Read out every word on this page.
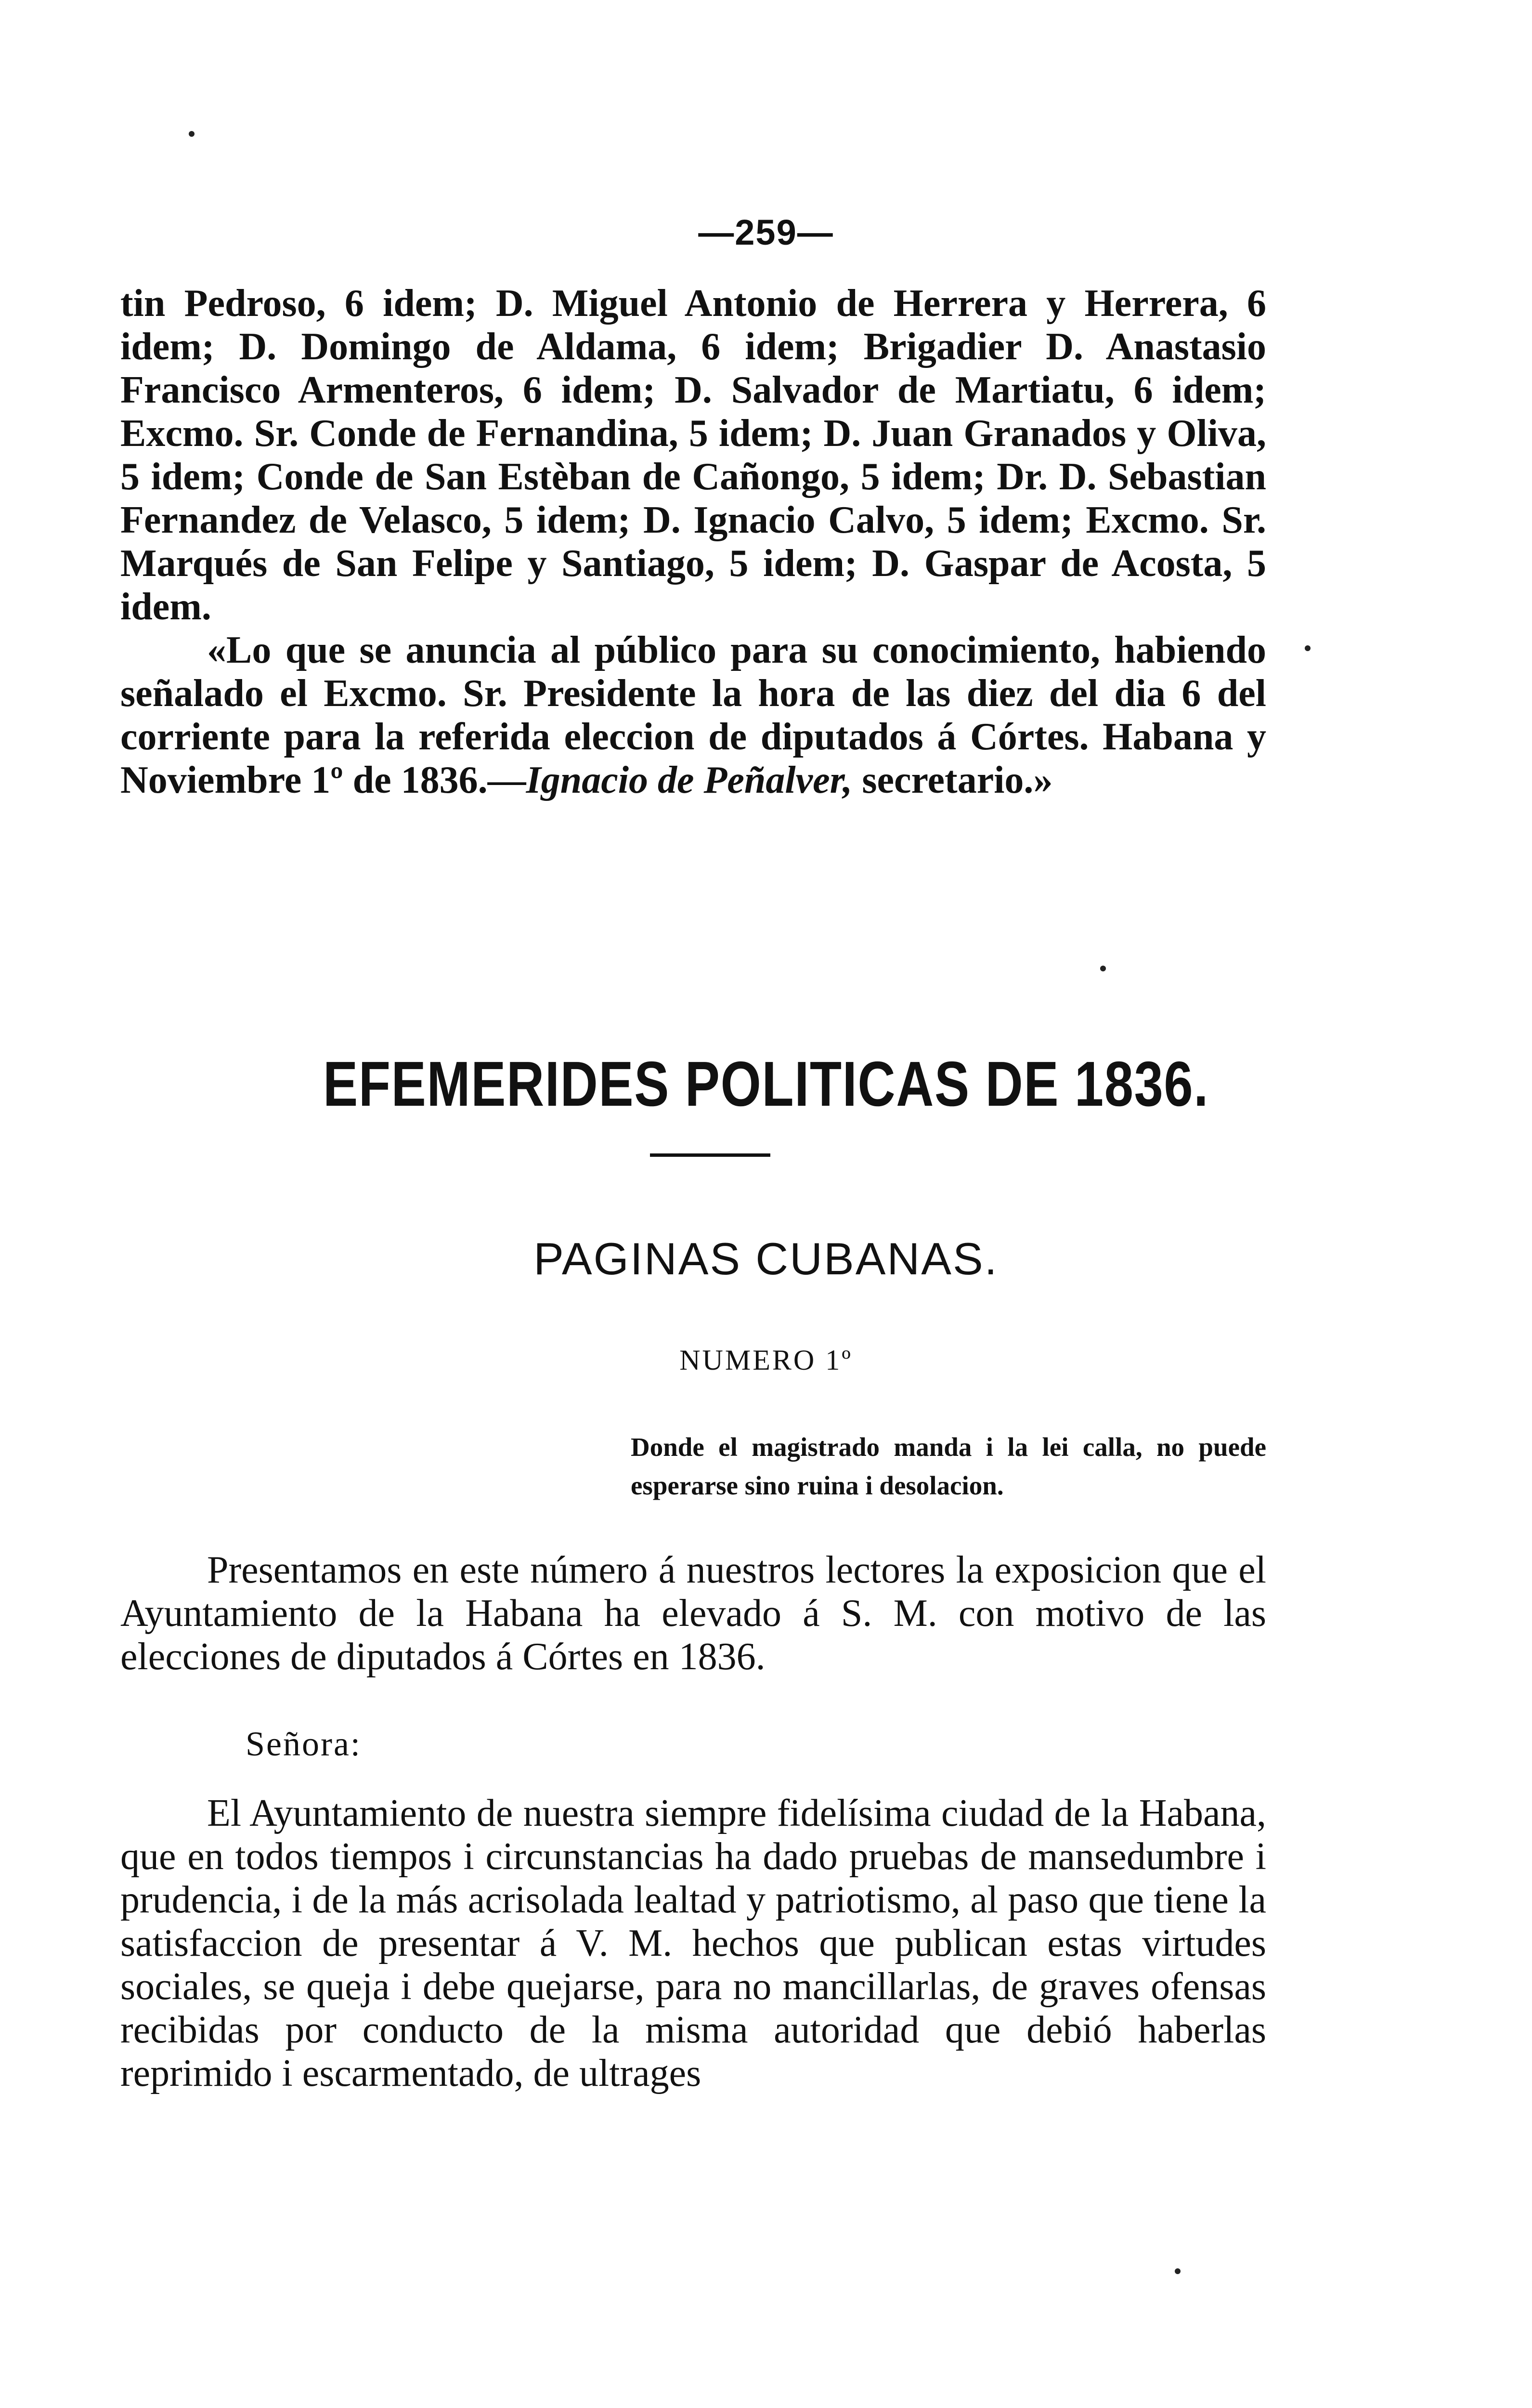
—259—

tin Pedroso, 6 idem; D. Miguel Antonio de Herrera y Herrera, 6 idem; D. Domingo de Aldama, 6 idem; Brigadier D. Anastasio Francisco Armenteros, 6 idem; D. Salvador de Martiatu, 6 idem; Excmo. Sr. Conde de Fernandina, 5 idem; D. Juan Granados y Oliva, 5 idem; Conde de San Estèban de Cañongo, 5 idem; Dr. D. Sebastian Fernandez de Velasco, 5 idem; D. Ignacio Calvo, 5 idem; Excmo. Sr. Marqués de San Felipe y Santiago, 5 idem; D. Gaspar de Acosta, 5 idem.

«Lo que se anuncia al público para su conocimiento, habiendo señalado el Excmo. Sr. Presidente la hora de las diez del dia 6 del corriente para la referida eleccion de diputados á Córtes. Habana y Noviembre 1º de 1836.—Ignacio de Peñalver, secretario.»

EFEMERIDES POLITICAS DE 1836.
PAGINAS CUBANAS.
NUMERO 1º

Donde el magistrado manda i la lei calla, no puede esperarse sino ruina i desolacion.

Presentamos en este número á nuestros lectores la exposicion que el Ayuntamiento de la Habana ha elevado á S. M. con motivo de las elecciones de diputados á Córtes en 1836.

Señora:

El Ayuntamiento de nuestra siempre fidelísima ciudad de la Habana, que en todos tiempos i circunstancias ha dado pruebas de mansedumbre i prudencia, i de la más acrisolada lealtad y patriotismo, al paso que tiene la satisfaccion de presentar á V. M. hechos que publican estas virtudes sociales, se queja i debe quejarse, para no mancillarlas, de graves ofensas recibidas por conducto de la misma autoridad que debió haberlas reprimido i escarmentado, de ultrages
